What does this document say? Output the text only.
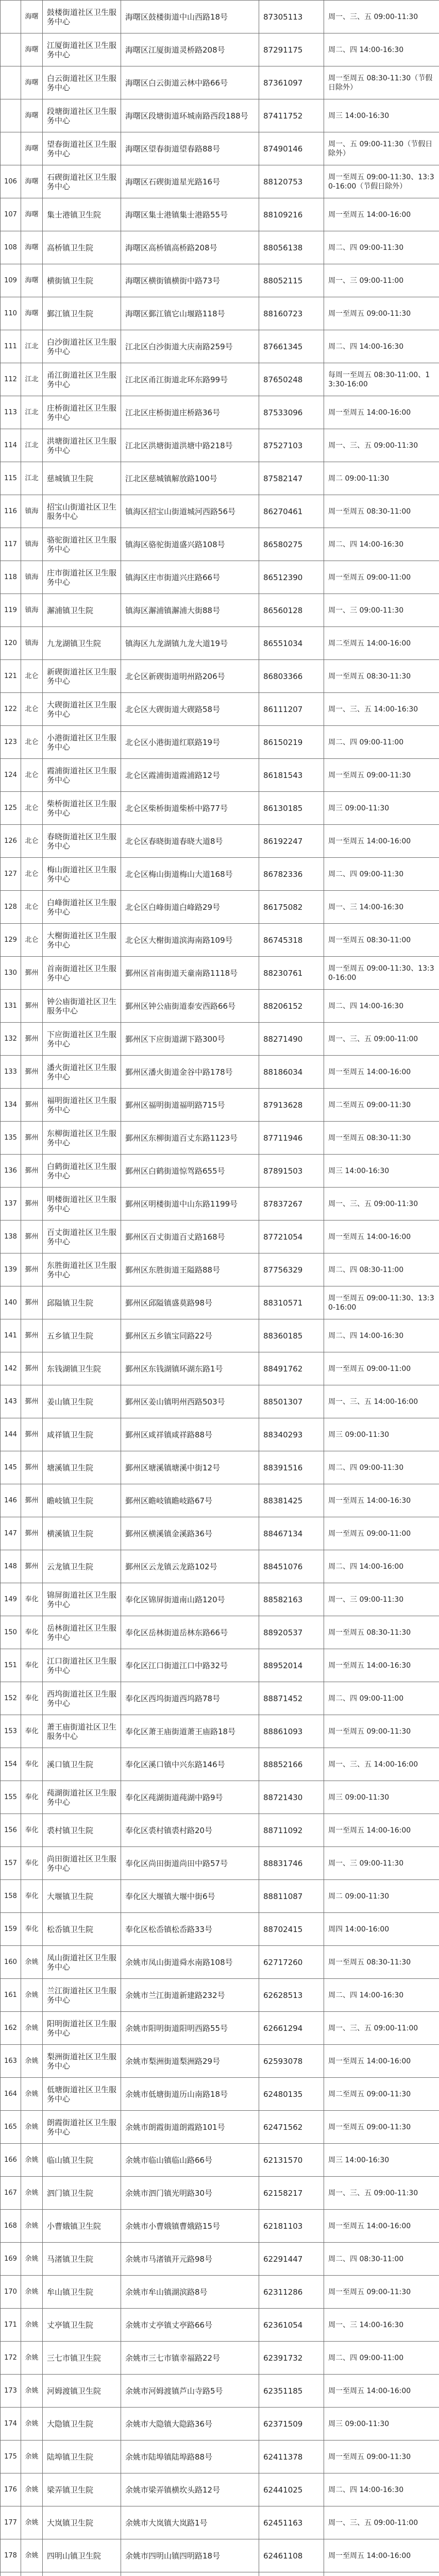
	海曙	鼓楼街道社区卫生服务中心	海曙区鼓楼街道中山西路18号	87305113	周一、三、五 09:00-11:30
	海曙	江厦街道社区卫生服务中心	海曙区江厦街道灵桥路208号	87291175	周二、四 14:00-16:30
	海曙	白云街道社区卫生服务中心	海曙区白云街道云林中路66号	87361097	周一至周五 08:30-11:30（节假日除外）
	海曙	段塘街道社区卫生服务中心	海曙区段塘街道环城南路西段188号	87411752	周三 14:00-16:30
	海曙	望春街道社区卫生服务中心	海曙区望春街道望春路88号	87490146	周一、五 09:00-11:30（节假日除外）
106	海曙	石碶街道社区卫生服务中心	海曙区石碶街道星光路16号	88120753	周一至周五 09:00-11:30、13:30-16:00（节假日除外）
107	海曙	集士港镇卫生院	海曙区集士港镇集士港路55号	88109216	周一至周五 14:00-16:00
108	海曙	高桥镇卫生院	海曙区高桥镇高桥路208号	88056138	周二、四 09:00-11:30
109	海曙	横街镇卫生院	海曙区横街镇横街中路73号	88052115	周一、三 09:00-11:00
110	海曙	鄞江镇卫生院	海曙区鄞江镇它山堰路118号	88160723	周一至周五 09:00-11:30
111	江北	白沙街道社区卫生服务中心	江北区白沙街道大庆南路259号	87661345	周二、四 14:00-16:30
112	江北	甬江街道社区卫生服务中心	江北区甬江街道北环东路99号	87650248	每周一至周五 08:30-11:00、13:30-16:00
113	江北	庄桥街道社区卫生服务中心	江北区庄桥街道庄桥路36号	87533096	周一至周五 14:00-16:00
114	江北	洪塘街道社区卫生服务中心	江北区洪塘街道洪塘中路218号	87527103	周一、三、五 09:00-11:30
115	江北	慈城镇卫生院	江北区慈城镇解放路100号	87582147	周二 09:00-11:30
116	镇海	招宝山街道社区卫生服务中心	镇海区招宝山街道城河西路56号	86270461	周一至周五 08:30-11:00
117	镇海	骆驼街道社区卫生服务中心	镇海区骆驼街道盛兴路108号	86580275	周二、四 14:00-16:30
118	镇海	庄市街道社区卫生服务中心	镇海区庄市街道兴庄路66号	86512390	周一至周五 09:00-11:00
119	镇海	澥浦镇卫生院	镇海区澥浦镇澥浦大街88号	86560128	周一、三 09:00-11:30
120	镇海	九龙湖镇卫生院	镇海区九龙湖镇九龙大道19号	86551034	周二至周五 14:00-16:00
121	北仑	新碶街道社区卫生服务中心	北仑区新碶街道明州路206号	86803366	周一至周五 08:30-11:30
122	北仑	大碶街道社区卫生服务中心	北仑区大碶街道大碶路58号	86111207	周一、三、五 14:00-16:30
123	北仑	小港街道社区卫生服务中心	北仑区小港街道红联路19号	86150219	周二、四 09:00-11:00
124	北仑	霞浦街道社区卫生服务中心	北仑区霞浦街道霞浦路12号	86181543	周一至周五 09:00-11:30
125	北仑	柴桥街道社区卫生服务中心	北仑区柴桥街道柴桥中路77号	86130185	周三 09:00-11:30
126	北仑	春晓街道社区卫生服务中心	北仑区春晓街道春晓大道8号	86192247	周一至周五 14:00-16:00
127	北仑	梅山街道社区卫生服务中心	北仑区梅山街道梅山大道168号	86782336	周二、四 09:00-11:30
128	北仑	白峰街道社区卫生服务中心	北仑区白峰街道白峰路29号	86175082	周一、三 14:00-16:30
129	北仑	大榭街道社区卫生服务中心	北仑区大榭街道滨海南路109号	86745318	周一至周五 08:30-11:00
130	鄞州	首南街道社区卫生服务中心	鄞州区首南街道天童南路1118号	88230761	周一至周五 09:00-11:30、13:30-16:00
131	鄞州	钟公庙街道社区卫生服务中心	鄞州区钟公庙街道泰安西路66号	88206152	周二、四 14:00-16:30
132	鄞州	下应街道社区卫生服务中心	鄞州区下应街道湖下路300号	88271490	周一、三、五 09:00-11:00
133	鄞州	潘火街道社区卫生服务中心	鄞州区潘火街道金谷中路178号	88186034	周一至周五 14:00-16:00
134	鄞州	福明街道社区卫生服务中心	鄞州区福明街道福明路715号	87913628	周二至周五 09:00-11:30
135	鄞州	东柳街道社区卫生服务中心	鄞州区东柳街道百丈东路1123号	87711946	周一至周五 08:30-11:30
136	鄞州	白鹤街道社区卫生服务中心	鄞州区白鹤街道惊驾路655号	87891503	周三 14:00-16:30
137	鄞州	明楼街道社区卫生服务中心	鄞州区明楼街道中山东路1199号	87837267	周一、三、五 09:00-11:30
138	鄞州	百丈街道社区卫生服务中心	鄞州区百丈街道百丈路168号	87721054	周一至周五 14:00-16:00
139	鄞州	东胜街道社区卫生服务中心	鄞州区东胜街道王隘路88号	87756329	周二、四 08:30-11:00
140	鄞州	邱隘镇卫生院	鄞州区邱隘镇盛莫路98号	88310571	周一至周五 09:00-11:30、13:30-16:00
141	鄞州	五乡镇卫生院	鄞州区五乡镇宝同路22号	88360185	周二、四 14:00-16:30
142	鄞州	东钱湖镇卫生院	鄞州区东钱湖镇环湖东路1号	88491762	周一至周五 09:00-11:00
143	鄞州	姜山镇卫生院	鄞州区姜山镇明州西路503号	88501307	周一、三、五 14:00-16:00
144	鄞州	咸祥镇卫生院	鄞州区咸祥镇咸祥路88号	88340293	周三 09:00-11:30
145	鄞州	塘溪镇卫生院	鄞州区塘溪镇塘溪中街12号	88391516	周二、四 09:00-11:30
146	鄞州	瞻岐镇卫生院	鄞州区瞻岐镇瞻岐路67号	88381425	周一至周五 14:00-16:30
147	鄞州	横溪镇卫生院	鄞州区横溪镇金溪路36号	88467134	周一至周五 09:00-11:00
148	鄞州	云龙镇卫生院	鄞州区云龙镇云龙路102号	88451076	周二、四 14:00-16:00
149	奉化	锦屏街道社区卫生服务中心	奉化区锦屏街道南山路120号	88582163	周一、三 09:00-11:30
150	奉化	岳林街道社区卫生服务中心	奉化区岳林街道岳林东路66号	88920537	周一至周五 08:30-11:30
151	奉化	江口街道社区卫生服务中心	奉化区江口街道江口中路32号	88952014	周一至周五 14:00-16:30
152	奉化	西坞街道社区卫生服务中心	奉化区西坞街道西坞路78号	88871452	周二、四 09:00-11:00
153	奉化	萧王庙街道社区卫生服务中心	奉化区萧王庙街道萧王庙路18号	88861093	周一至周五 09:00-11:30
154	奉化	溪口镇卫生院	奉化区溪口镇中兴东路146号	88852166	周一、三、五 14:00-16:00
155	奉化	莼湖街道社区卫生服务中心	奉化区莼湖街道莼湖中路9号	88721430	周三 09:00-11:30
156	奉化	裘村镇卫生院	奉化区裘村镇裘村路20号	88711092	周一至周五 14:00-16:00
157	奉化	尚田街道社区卫生服务中心	奉化区尚田街道尚田中路57号	88831746	周一、三 09:00-11:30
158	奉化	大堰镇卫生院	奉化区大堰镇大堰中街6号	88811087	周二 09:00-11:30
159	奉化	松岙镇卫生院	奉化区松岙镇松岙路33号	88702415	周四 14:00-16:00
160	余姚	凤山街道社区卫生服务中心	余姚市凤山街道舜水南路108号	62717260	周一至周五 08:30-11:30
161	余姚	兰江街道社区卫生服务中心	余姚市兰江街道新建路232号	62628513	周二、四 14:00-16:30
162	余姚	阳明街道社区卫生服务中心	余姚市阳明街道阳明西路55号	62661294	周一、三、五 09:00-11:00
163	余姚	梨洲街道社区卫生服务中心	余姚市梨洲街道梨洲路29号	62593078	周一至周五 14:00-16:00
164	余姚	低塘街道社区卫生服务中心	余姚市低塘街道历山南路18号	62480135	周二至周五 09:00-11:30
165	余姚	朗霞街道社区卫生服务中心	余姚市朗霞街道朗霞路101号	62471562	周一至周五 09:00-11:30
166	余姚	临山镇卫生院	余姚市临山镇临山路66号	62131570	周三 14:00-16:30
167	余姚	泗门镇卫生院	余姚市泗门镇光明路30号	62158217	周一、三、五 09:00-11:30
168	余姚	小曹娥镇卫生院	余姚市小曹娥镇曹娥路15号	62181103	周一至周五 14:00-16:00
169	余姚	马渚镇卫生院	余姚市马渚镇开元路98号	62291447	周二、四 08:30-11:00
170	余姚	牟山镇卫生院	余姚市牟山镇湖滨路8号	62311286	周一至周五 09:00-11:30
171	余姚	丈亭镇卫生院	余姚市丈亭镇丈亭路66号	62361054	周一、三 14:00-16:30
172	余姚	三七市镇卫生院	余姚市三七市镇幸福路22号	62391732	周二、四 09:00-11:00
173	余姚	河姆渡镇卫生院	余姚市河姆渡镇芦山寺路5号	62351185	周一至周五 14:00-16:00
174	余姚	大隐镇卫生院	余姚市大隐镇大隐路36号	62371509	周三 09:00-11:30
175	余姚	陆埠镇卫生院	余姚市陆埠镇陆埠路88号	62411378	周一至周五 09:00-11:30
176	余姚	梁弄镇卫生院	余姚市梁弄镇横坎头路12号	62441025	周二、四 14:00-16:30
177	余姚	大岚镇卫生院	余姚市大岚镇大岚路1号	62451163	周一、三、五 09:00-11:00
178	余姚	四明山镇卫生院	余姚市四明山镇四明路18号	62461108	周一至周五 14:00-16:00
